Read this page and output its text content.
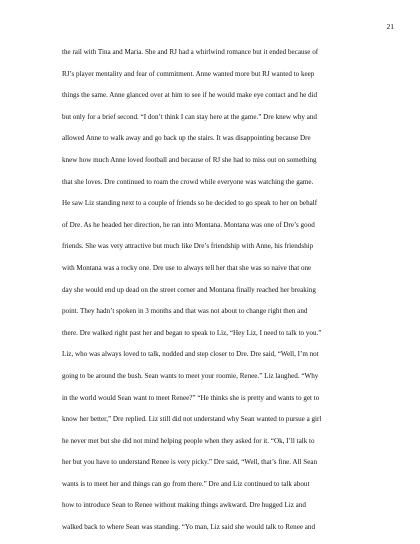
21
the rail with Tina and Maria. She and RJ had a whirlwind romance but it ended because of
RJ’s player mentality and fear of commitment. Anne wanted more but RJ wanted to keep
things the same. Anne glanced over at him to see if he would make eye contact and he did
but only for a brief second. “I don’t think I can stay here at the game.” Dre knew why and
allowed Anne to walk away and go back up the stairs. It was disappointing because Dre
knew how much Anne loved football and because of RJ she had to miss out on something
that she loves. Dre continued to roam the crowd while everyone was watching the game.
He saw Liz standing next to a couple of friends so he decided to go speak to her on behalf
of Dre. As he headed her direction, he ran into Montana. Montana was one of Dre’s good
friends. She was very attractive but much like Dre’s friendship with Anne, his friendship
with Montana was a rocky one. Dre use to always tell her that she was so naive that one
day she would end up dead on the street corner and Montana finally reached her breaking
point. They hadn’t spoken in 3 months and that was not about to change right then and
there. Dre walked right past her and began to speak to Liz, “Hey Liz, I need to talk to you.”
Liz, who was always loved to talk, nodded and step closer to Dre. Dre said, “Well, I’m not
going to be around the bush. Sean wants to meet your roomie, Renee.” Liz laughed. “Why
in the world would Sean want to meet Renee?” “He thinks she is pretty and wants to get to
know her better,” Dre replied. Liz still did not understand why Sean wanted to pursue a girl
he never met but she did not mind helping people when they asked for it. “Ok, I’ll talk to
her but you have to understand Renee is very picky.” Dre said, “Well, that’s fine. All Sean
wants is to meet her and things can go from there.” Dre and Liz continued to talk about
how to introduce Sean to Renee without making things awkward. Dre hugged Liz and
walked back to where Sean was standing. “Yo man, Liz said she would talk to Renee and
